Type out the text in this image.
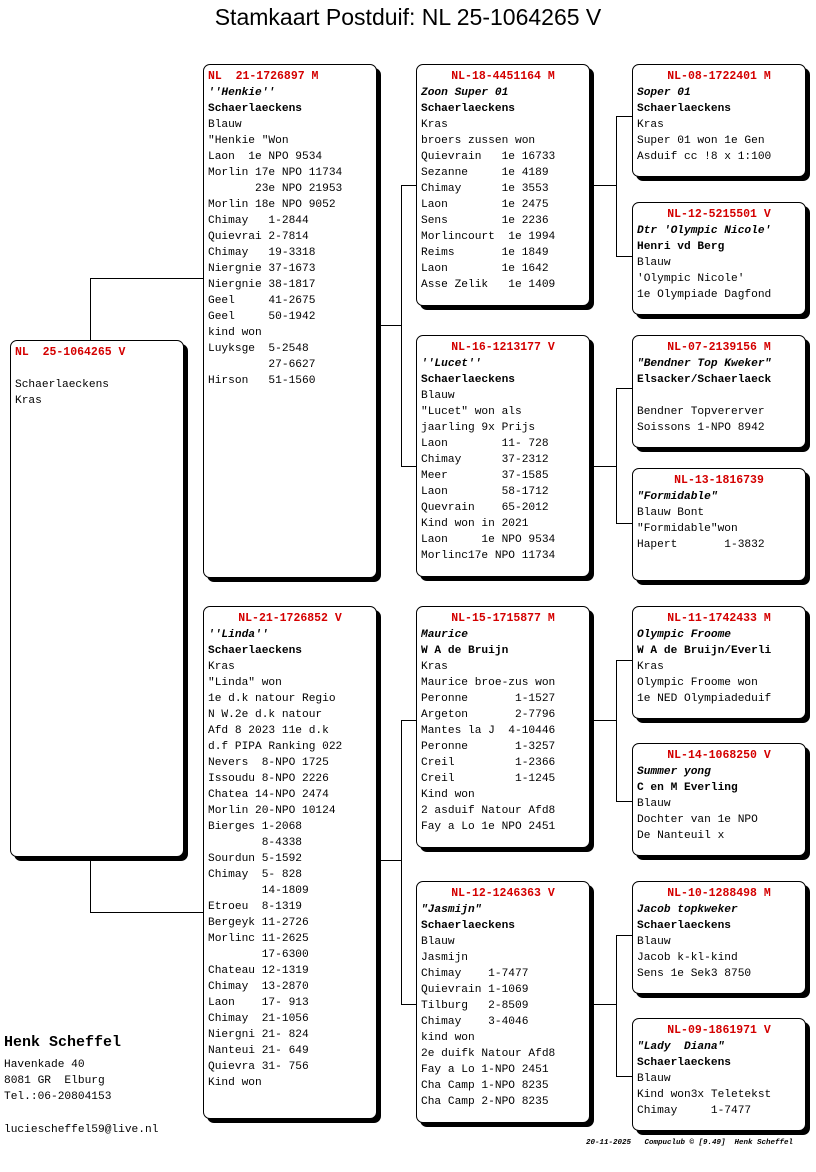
Stamkaart Postduif: NL 25-1064265 V
NL  25-1064265 V
Schaerlaeckens
Kras
NL  21-1726897 M
''Henkie''
Schaerlaeckens
Blauw
"Henkie "Won
Laon  1e NPO 9534
Morlin 17e NPO 11734
23e NPO 21953
Morlin 18e NPO 9052
Chimay   1-2844
Quievrai 2-7814
Chimay   19-3318
Niergnie 37-1673
Niergnie 38-1817
Geel     41-2675
Geel     50-1942
kind won
Luyksge  5-2548
27-6627
Hirson   51-1560
NL-21-1726852 V
''Linda''
Schaerlaeckens
Kras
"Linda" won
1e d.k natour Regio
N W.2e d.k natour
Afd 8 2023 11e d.k
d.f PIPA Ranking 022
Nevers  8-NPO 1725
Issoudu 8-NPO 2226
Chatea 14-NPO 2474
Morlin 20-NPO 10124
Bierges 1-2068
8-4338
Sourdun 5-1592
Chimay  5- 828
14-1809
Etroeu  8-1319
Bergeyk 11-2726
Morlinc 11-2625
17-6300
Chateau 12-1319
Chimay  13-2870
Laon    17- 913
Chimay  21-1056
Niergni 21- 824
Nanteui 21- 649
Quievra 31- 756
Kind won
NL-18-4451164 M
Zoon Super 01
Schaerlaeckens
Kras
broers zussen won
Quievrain   1e 16733
Sezanne     1e 4189
Chimay      1e 3553
Laon        1e 2475
Sens        1e 2236
Morlincourt  1e 1994
Reims       1e 1849
Laon        1e 1642
Asse Zelik   1e 1409
NL-16-1213177 V
''Lucet''
Schaerlaeckens
Blauw
"Lucet" won als
jaarling 9x Prijs
Laon        11- 728
Chimay      37-2312
Meer        37-1585
Laon        58-1712
Quevrain    65-2012
Kind won in 2021
Laon     1e NPO 9534
Morlinc17e NPO 11734
NL-15-1715877 M
Maurice
W A de Bruijn
Kras
Maurice broe-zus won
Peronne       1-1527
Argeton       2-7796
Mantes la J  4-10446
Peronne       1-3257
Creil         1-2366
Creil         1-1245
Kind won
2 asduif Natour Afd8
Fay a Lo 1e NPO 2451
NL-12-1246363 V
"Jasmijn"
Schaerlaeckens
Blauw
Jasmijn
Chimay    1-7477
Quievrain 1-1069
Tilburg   2-8509
Chimay    3-4046
kind won
2e duifk Natour Afd8
Fay a Lo 1-NPO 2451
Cha Camp 1-NPO 8235
Cha Camp 2-NPO 8235
NL-08-1722401 M
Soper 01
Schaerlaeckens
Kras
Super 01 won 1e Gen
Asduif cc !8 x 1:100
NL-12-5215501 V
Dtr 'Olympic Nicole'
Henri vd Berg
Blauw
'Olympic Nicole'
1e Olympiade Dagfond
NL-07-2139156 M
"Bendner Top Kweker"
Elsacker/Schaerlaeck
Bendner Topvererver
Soissons 1-NPO 8942
NL-13-1816739
"Formidable"
Blauw Bont
"Formidable"won
Hapert       1-3832
NL-11-1742433 M
Olympic Froome
W A de Bruijn/Everli
Kras
Olympic Froome won
1e NED Olympiadeduif
NL-14-1068250 V
Summer yong
C en M Everling
Blauw
Dochter van 1e NPO
De Nanteuil x
NL-10-1288498 M
Jacob topkweker
Schaerlaeckens
Blauw
Jacob k-kl-kind
Sens 1e Sek3 8750
NL-09-1861971 V
"Lady  Diana"
Schaerlaeckens
Blauw
Kind won3x Teletekst
Chimay     1-7477
Henk Scheffel
Havenkade 40
8081 GR  Elburg
Tel.:06-20804153
luciescheffel59@live.nl
20-11-2025   Compuclub © [9.49]  Henk Scheffel
